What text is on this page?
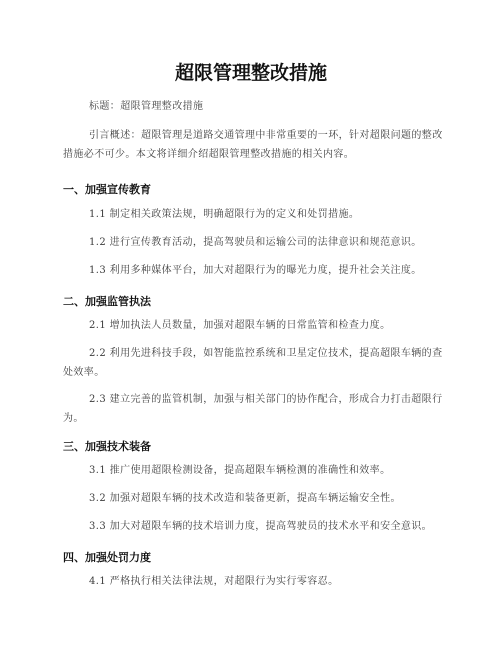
超限管理整改措施
标题：超限管理整改措施
引言概述：超限管理是道路交通管理中非常重要的一环，针对超限问题的整改措施必不可少。本文将详细介绍超限管理整改措施的相关内容。
一、加强宣传教育
1.1 制定相关政策法规，明确超限行为的定义和处罚措施。
1.2 进行宣传教育活动，提高驾驶员和运输公司的法律意识和规范意识。
1.3 利用多种媒体平台，加大对超限行为的曝光力度，提升社会关注度。
二、加强监管执法
2.1 增加执法人员数量，加强对超限车辆的日常监管和检查力度。
2.2 利用先进科技手段，如智能监控系统和卫星定位技术，提高超限车辆的查处效率。
2.3 建立完善的监管机制，加强与相关部门的协作配合，形成合力打击超限行为。
三、加强技术装备
3.1 推广使用超限检测设备，提高超限车辆检测的准确性和效率。
3.2 加强对超限车辆的技术改造和装备更新，提高车辆运输安全性。
3.3 加大对超限车辆的技术培训力度，提高驾驶员的技术水平和安全意识。
四、加强处罚力度
4.1 严格执行相关法律法规，对超限行为实行零容忍。
